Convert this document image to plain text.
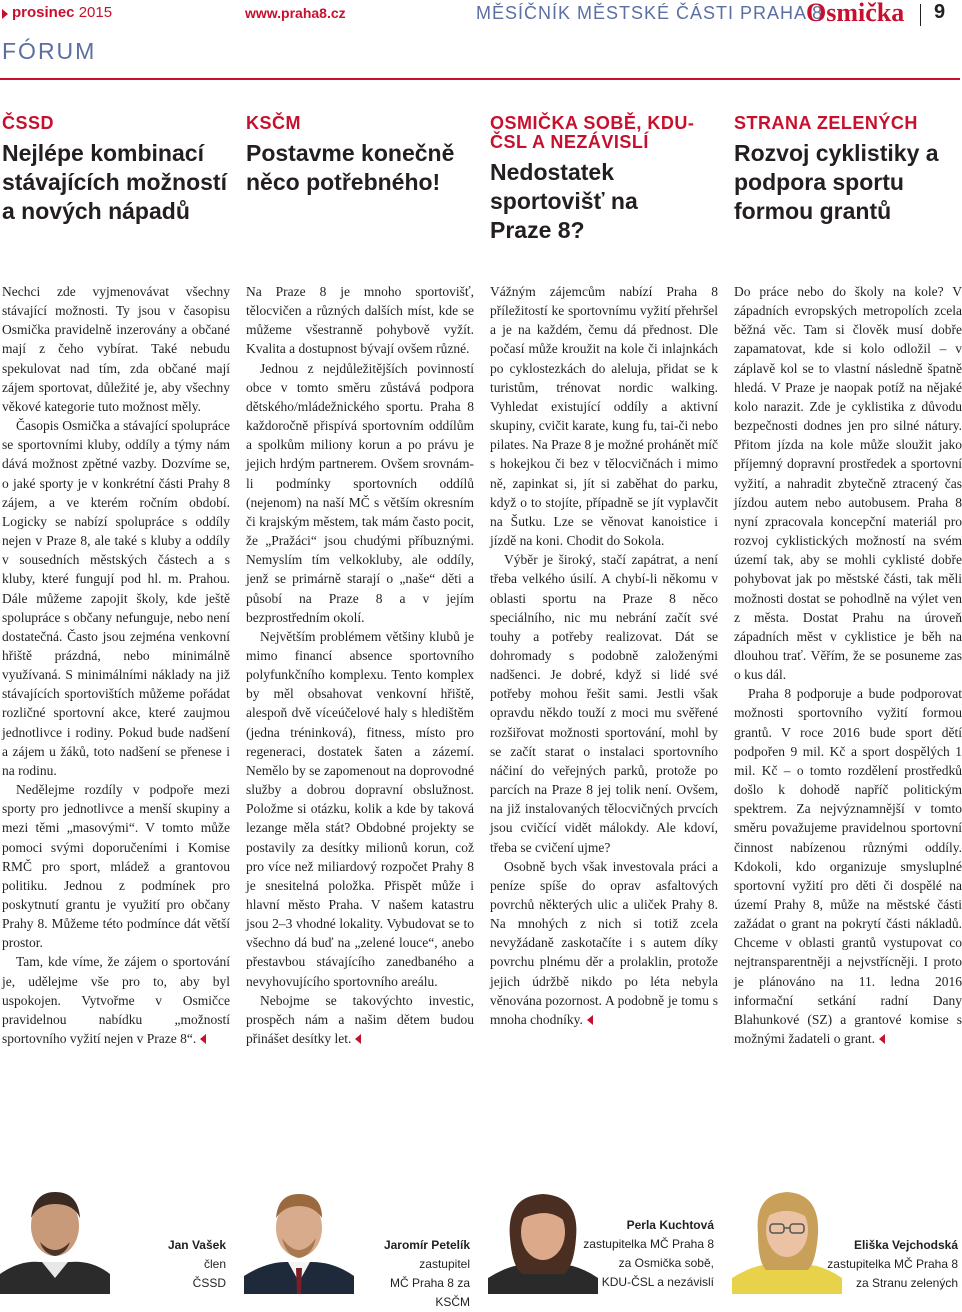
prosinec 2015	www.praha8.cz	MĚSÍČNÍK MĚSTSKÉ ČÁSTI PRAHA 8
Osmička 9
FÓRUM
ČSSD
Nejlépe kombinací stávajících možností a nových nápadů
KSČM
Postavme konečně něco potřebného!
OSMIČKA SOBĚ, KDU-ČSL A NEZÁVISLÍ
Nedostatek sportovišť na Praze 8?
STRANA ZELENÝCH
Rozvoj cyklistiky a podpora sportu formou grantů

Nechci zde vyjmenovávat všechny stávající možnosti. Ty jsou v časopisu Osmička pravidelně inzerovány a občané mají z čeho vybírat. Také nebudu spekulovat nad tím, zda občané mají zájem sportovat, důležité je, aby všechny věkové kategorie tuto možnost měly.

Časopis Osmička a stávající spolupráce se sportovními kluby, oddíly a týmy nám dává možnost zpětné vazby. Dozvíme se, o jaké sporty je v konkrétní části Prahy 8 zájem, a ve kterém ročním období. Logicky se nabízí spolupráce s oddíly nejen v Praze 8, ale také s kluby a oddíly v sousedních městských částech a s kluby, které fungují pod hl. m. Prahou. Dále můžeme zapojit školy, kde ještě spolupráce s občany nefunguje, nebo není dostatečná. Často jsou zejména venkovní hřiště prázdná, nebo minimálně využívaná. S minimálními náklady na již stávajících sportovištích můžeme pořádat rozličné sportovní akce, které zaujmou jednotlivce i rodiny. Pokud bude nadšení a zájem u žáků, toto nadšení se přenese i na rodinu.

Nedělejme rozdíly v podpoře mezi sporty pro jednotlivce a menší skupiny a mezi těmi „masovými“. V tomto může pomoci svými doporučeními i Komise RMČ pro sport, mládež a grantovou politiku. Jednou z podmínek pro poskytnutí grantu je využití pro občany Prahy 8. Můžeme této podmínce dát větší prostor.

Tam, kde víme, že zájem o sportování je, udělejme vše pro to, aby byl uspokojen. Vytvořme v Osmičce pravidelnou nabídku „možností sportovního vyžití nejen v Praze 8“.

Na Praze 8 je mnoho sportovišť, tělocvičen a různých dalších míst, kde se můžeme všestranně pohybově vyžít. Kvalita a dostupnost bývají ovšem různé.

Jednou z nejdůležitějších povinností obce v tomto směru zůstává podpora dětského/mládežnického sportu. Praha 8 každoročně přispívá sportovním oddílům a spolkům miliony korun a po právu je jejich hrdým partnerem. Ovšem srovnám-li podmínky sportovních oddílů (nejenom) na naší MČ s větším okresním či krajským městem, tak mám často pocit, že „Pražáci“ jsou chudými příbuznými. Nemyslím tím velkokluby, ale oddíly, jenž se primárně starají o „naše“ děti a působí na Praze 8 a v jejím bezprostředním okolí.

Největším problémem většiny klubů je mimo financí absence sportovního polyfunkčního komplexu. Tento komplex by měl obsahovat venkovní hřiště, alespoň dvě víceúčelové haly s hledištěm (jedna tréninková), fitness, místo pro regeneraci, dostatek šaten a zázemí. Nemělo by se zapomenout na doprovodné služby a dobrou dopravní obslužnost. Položme si otázku, kolik a kde by taková lezange měla stát? Obdobné projekty se postavily za desítky milionů korun, což pro více než miliardový rozpočet Prahy 8 je snesitelná položka. Přispět může i hlavní město Praha. V našem katastru jsou 2–3 vhodné lokality. Vybudovat se to všechno dá buď na „zelené louce“, anebo přestavbou stávajícího zanedbaného a nevyhovujícího sportovního areálu.

Nebojme se takovýchto investic, prospěch nám a našim dětem budou přinášet desítky let.

Vážným zájemcům nabízí Praha 8 příležitostí ke sportovnímu vyžití přehršel a je na každém, čemu dá přednost. Dle počasí může kroužit na kole či inlajnkách po cyklostezkách do aleluja, přidat se k turistům, trénovat nordic walking. Vyhledat existující oddíly a aktivní skupiny, cvičit karate, kung fu, tai-či nebo pilates. Na Praze 8 je možné prohánět míč s hokejkou či bez v tělocvičnách i mimo ně, zapinkat si, jít si zaběhat do parku, když o to stojíte, případně se jít vyplavčit na Šutku. Lze se věnovat kanoistice i jízdě na koni. Chodit do Sokola.

Výběr je široký, stačí zapátrat, a není třeba velkého úsilí. A chybí-li někomu v oblasti sportu na Praze 8 něco speciálního, nic mu nebrání začít své touhy a potřeby realizovat. Dát se dohromady s podobně založenými nadšenci. Je dobré, když si lidé své potřeby mohou řešit sami. Jestli však opravdu někdo touží z moci mu svěřené rozšiřovat možnosti sportování, mohl by se začít starat o instalaci sportovního náčiní do veřejných parků, protože po parcích na Praze 8 jej tolik není. Ovšem, na již instalovaných tělocvičných prvcích jsou cvičící vidět málokdy. Ale kdoví, třeba se cvičení ujme?

Osobně bych však investovala práci a peníze spíše do oprav asfaltových povrchů některých ulic a uliček Prahy 8. Na mnohých z nich si totiž zcela nevyžádaně zaskotačíte i s autem díky povrchu plnému děr a prolaklin, protože jejich údržbě nikdo po léta nebyla věnována pozornost. A podobně je tomu s mnoha chodníky.

Do práce nebo do školy na kole? V západních evropských metropolích zcela běžná věc. Tam si člověk musí dobře zapamatovat, kde si kolo odložil – v záplavě kol se to vlastní následně špatně hledá. V Praze je naopak potíž na nějaké kolo narazit. Zde je cyklistika z důvodu bezpečnosti dodnes jen pro silné nátury. Přitom jízda na kole může sloužit jako příjemný dopravní prostředek a sportovní vyžití, a nahradit zbytečně ztracený čas jízdou autem nebo autobusem. Praha 8 nyní zpracovala koncepční materiál pro rozvoj cyklistických možností na svém území tak, aby se mohli cyklisté dobře pohybovat jak po městské části, tak měli možnosti dostat se pohodlně na výlet ven z města. Dostat Prahu na úroveň západních měst v cyklistice je běh na dlouhou trať. Věřím, že se posuneme zas o kus dál.

Praha 8 podporuje a bude podporovat možnosti sportovního vyžití formou grantů. V roce 2016 bude sport dětí podpořen 9 mil. Kč a sport dospělých 1 mil. Kč – o tomto rozdělení prostředků došlo k dohodě napříč politickým spektrem. Za nejvýznamnější v tomto směru považujeme pravidelnou sportovní činnost nabízenou různými oddíly. Kdokoli, kdo organizuje smysluplné sportovní vyžití pro děti či dospělé na území Prahy 8, může na městské části zažádat o grant na pokrytí části nákladů. Chceme v oblasti grantů vystupovat co nejtransparentněji a nejvstřícněji. I proto je plánováno na 11. ledna 2016 informační setkání radní Dany Blahunkové (SZ) a grantové komise s možnými žadateli o grant.

Jan Vašek
člen
ČSSD
Jaromír Petelík
zastupitel
MČ Praha 8 za KSČM
Perla Kuchtová
zastupitelka MČ Praha 8
za Osmička sobě,
KDU-ČSL a nezávislí
Eliška Vejchodská
zastupitelka MČ Praha 8
za Stranu zelených
